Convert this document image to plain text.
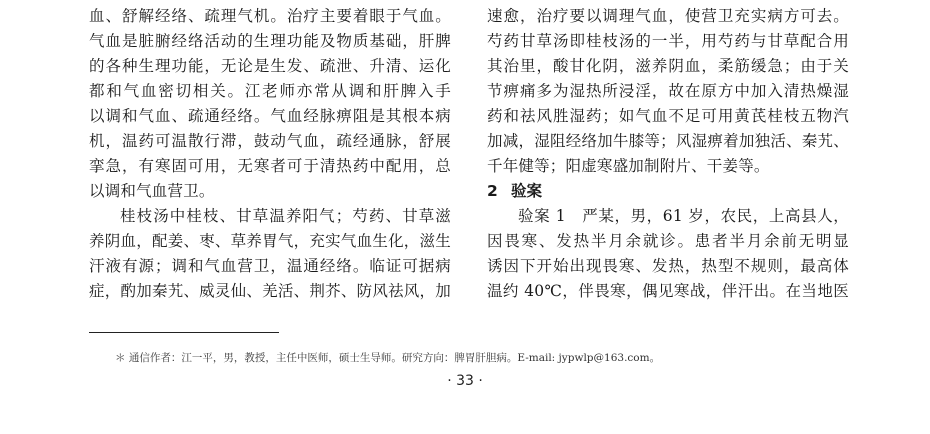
血、舒解经络、疏理气机。治疗主要着眼于气血。
气血是脏腑经络活动的生理功能及物质基础，肝脾
的各种生理功能，无论是生发、疏泄、升清、运化
都和气血密切相关。江老师亦常从调和肝脾入手
以调和气血、疏通经络。气血经脉痹阻是其根本病
机，温药可温散行滞，鼓动气血，疏经通脉，舒展
挛急，有寒固可用，无寒者可于清热药中配用，总
以调和气血营卫。
桂枝汤中桂枝、甘草温养阳气；芍药、甘草滋
养阴血，配姜、枣、草养胃气，充实气血生化，滋生
汗液有源；调和气血营卫，温通经络。临证可据病
症，酌加秦艽、威灵仙、羌活、荆芥、防风祛风，加
速愈，治疗要以调理气血，使营卫充实病方可去。
芍药甘草汤即桂枝汤的一半，用芍药与甘草配合用
其治里，酸甘化阴，滋养阴血，柔筋缓急；由于关
节痹痛多为湿热所浸淫，故在原方中加入清热燥湿
药和祛风胜湿药；如气血不足可用黄芪桂枝五物汽
加减，湿阻经络加牛膝等；风湿痹着加独活、秦艽、
千年健等；阳虚寒盛加制附片、干姜等。
2 验案
验案 1　严某，男，61 岁，农民，上高县人，
因畏寒、发热半月余就诊。患者半月余前无明显
诱因下开始出现畏寒、发热，热型不规则，最高体
温约 40℃，伴畏寒，偶见寒战，伴汗出。在当地医
＊ 通信作者：江一平，男，教授，主任中医师，硕士生导师。研究方向：脾胃肝胆病。E-mail: jypwlp@163.com。
· 33 ·
